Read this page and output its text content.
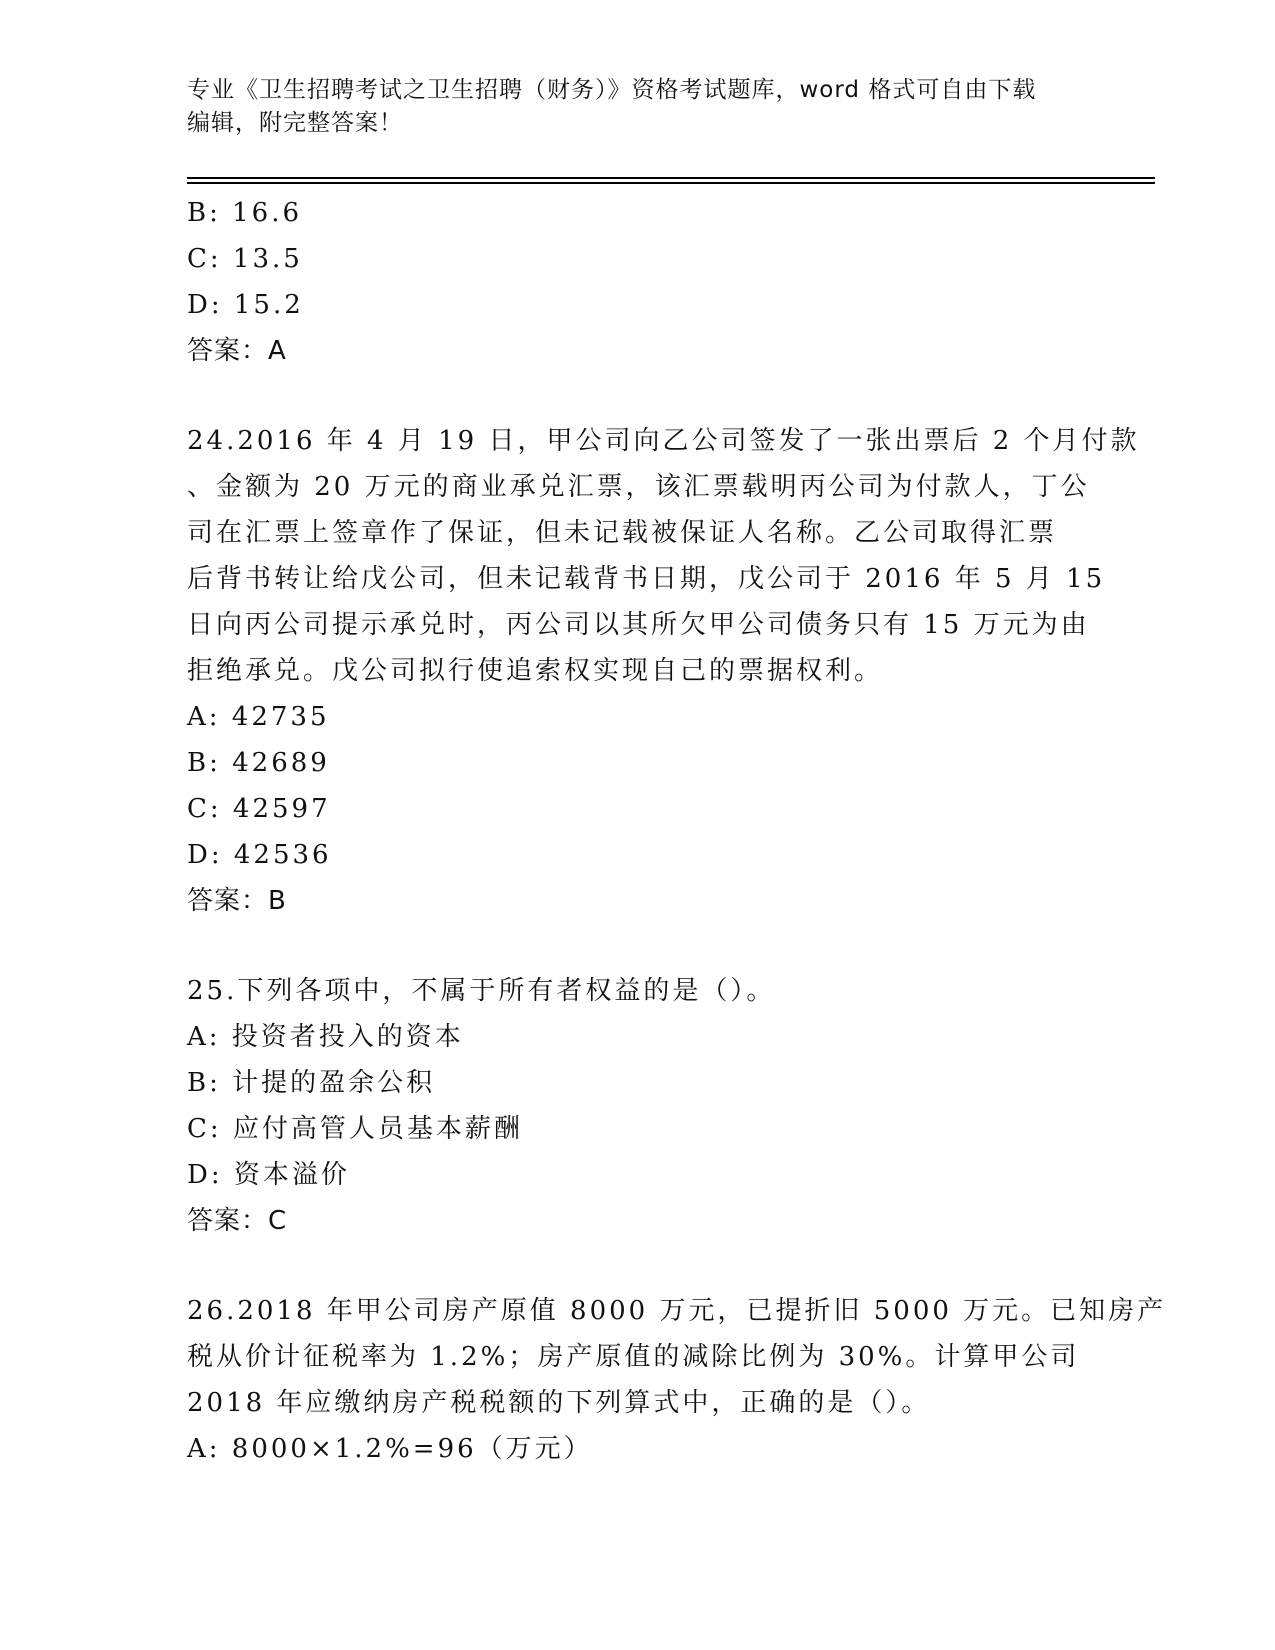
专业《卫生招聘考试之卫生招聘（财务）》资格考试题库，word 格式可自由下载
编辑，附完整答案！
B: 16.6
C: 13.5
D: 15.2
答案：A
24.2016 年 4 月 19 日，甲公司向乙公司签发了一张出票后 2 个月付款
、金额为 20 万元的商业承兑汇票，该汇票载明丙公司为付款人，丁公
司在汇票上签章作了保证，但未记载被保证人名称。乙公司取得汇票
后背书转让给戊公司，但未记载背书日期，戊公司于 2016 年 5 月 15
日向丙公司提示承兑时，丙公司以其所欠甲公司债务只有 15 万元为由
拒绝承兑。戊公司拟行使追索权实现自己的票据权利。
A: 42735
B: 42689
C: 42597
D: 42536
答案：B
25.下列各项中，不属于所有者权益的是（）。
A: 投资者投入的资本
B: 计提的盈余公积
C: 应付高管人员基本薪酬
D: 资本溢价
答案：C
26.2018 年甲公司房产原值 8000 万元，已提折旧 5000 万元。已知房产
税从价计征税率为 1.2%；房产原值的减除比例为 30%。计算甲公司
2018 年应缴纳房产税税额的下列算式中，正确的是（）。
A: 8000×1.2%=96（万元）
